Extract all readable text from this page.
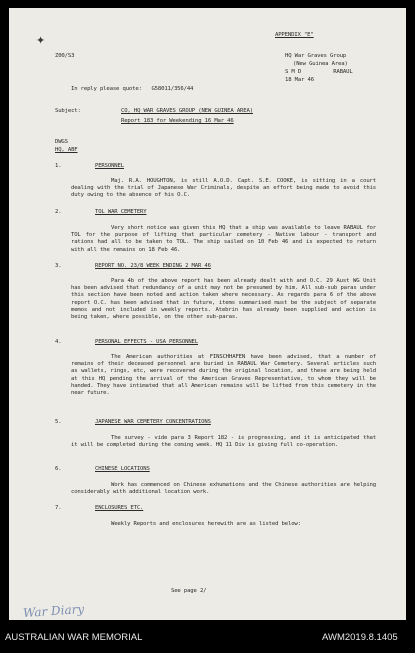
✦	APPENDIX "E"
Z00/S3	HQ War Graves Group
(New Guinea Area)
S M D          RABAUL
18 Mar 46
In reply please quote:   G58011/356/44
Subject:	CO, HQ WAR GRAVES GROUP (NEW GUINEA AREA)
Report 183 for Weekending 16 Mar 46
DWGS
HQ, ABF
1.	PERSONNEL
Maj. R.A. HOUGHTON, is still A.O.D. Capt. S.E. COOKE, is sitting in a court dealing with the trial of Japanese War Criminals, despite an effort being made to avoid this duty owing to the absence of his O.C.
2.	TOL WAR CEMETERY
Very short notice was given this HQ that a ship was available to leave RABAUL for TOL for the purpose of lifting that particular cemetery - Native labour - transport and rations had all to be taken to TOL. The ship sailed on 10 Feb 46 and is expected to return with all the remains on 18 Feb 46.
3.	REPORT NO. 23/8 WEEK ENDING 2 MAR 46
Para 4b of the above report has been already dealt with and O.C. 29 Aust WG Unit has been advised that redundancy of a unit may not be presumed by him. All sub-sub paras under this section have been noted and action taken where necessary. As regards para 6 of the above report O.C. has been advised that in future, items summarised must be the subject of separate memos and not included in weekly reports. Atebrin has already been supplied and action is being taken, where possible, on the other sub-paras.
4.	PERSONAL EFFECTS - USA PERSONNEL
The American authorities at FINSCHHAFEN have been advised, that a number of remains of their deceased personnel are buried in RABAUL War Cemetery. Several articles such as wallets, rings, etc, were recovered during the original location, and these are being held at this HQ pending the arrival of the American Graves Representative, to whom they will be handed. They have intimated that all American remains will be lifted from this cemetery in the near future.
5.	JAPANESE WAR CEMETERY CONCENTRATIONS
The survey - vide para 3 Report 182 - is progressing, and it is anticipated that it will be completed during the coming week. HQ 11 Div is giving full co-operation.
6.	CHINESE LOCATIONS
Work has commenced on Chinese exhumations and the Chinese authorities are helping considerably with additional location work.
7.	ENCLOSURES ETC.
Weekly Reports and enclosures herewith are as listed below:
See page 2/
War Diary
AUSTRALIAN WAR MEMORIAL	AWM2019.8.1405
